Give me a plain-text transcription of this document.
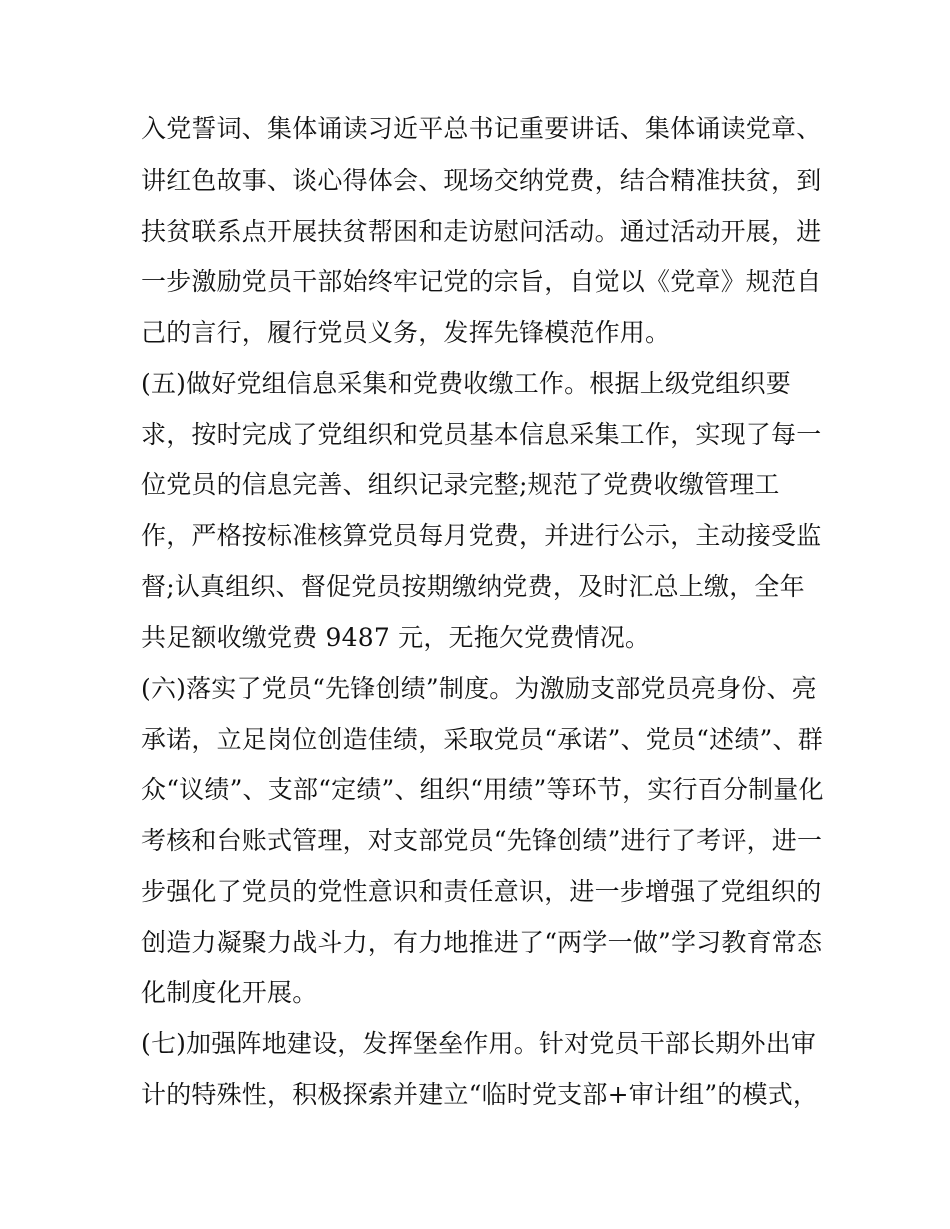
入党誓词、集体诵读习近平总书记重要讲话、集体诵读党章、
讲红色故事、谈心得体会、现场交纳党费，结合精准扶贫，到
扶贫联系点开展扶贫帮困和走访慰问活动。通过活动开展，进
一步激励党员干部始终牢记党的宗旨，自觉以《党章》规范自
己的言行，履行党员义务，发挥先锋模范作用。
(五)做好党组信息采集和党费收缴工作。根据上级党组织要
求，按时完成了党组织和党员基本信息采集工作，实现了每一
位党员的信息完善、组织记录完整;规范了党费收缴管理工
作，严格按标准核算党员每月党费，并进行公示，主动接受监
督;认真组织、督促党员按期缴纳党费，及时汇总上缴，全年
共足额收缴党费 9487 元，无拖欠党费情况。
(六)落实了党员“先锋创绩”制度。为激励支部党员亮身份、亮
承诺，立足岗位创造佳绩，采取党员“承诺”、党员“述绩”、群
众“议绩”、支部“定绩”、组织“用绩”等环节，实行百分制量化
考核和台账式管理，对支部党员“先锋创绩”进行了考评，进一
步强化了党员的党性意识和责任意识，进一步增强了党组织的
创造力凝聚力战斗力，有力地推进了“两学一做”学习教育常态
化制度化开展。
(七)加强阵地建设，发挥堡垒作用。针对党员干部长期外出审
计的特殊性，积极探索并建立“临时党支部+审计组”的模式，
